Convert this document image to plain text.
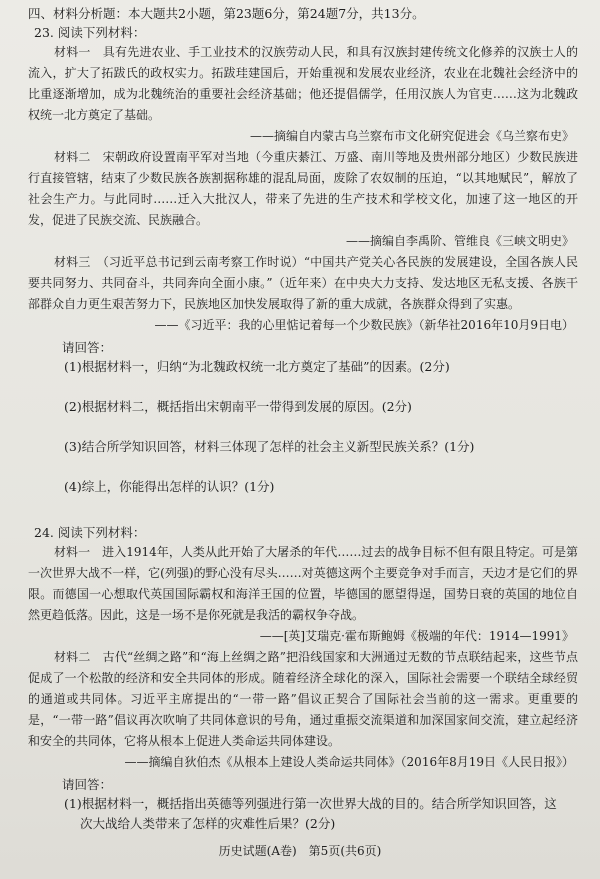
四、材料分析题：本大题共2小题，第23题6分，第24题7分，共13分。

23. 阅读下列材料：

材料一　具有先进农业、手工业技术的汉族劳动人民，和具有汉族封建传统文化修养的汉族士人的流入，扩大了拓跋氏的政权实力。拓跋珪建国后，开始重视和发展农业经济，农业在北魏社会经济中的比重逐渐增加，成为北魏统治的重要社会经济基础；他还提倡儒学，任用汉族人为官吏……这为北魏政权统一北方奠定了基础。

——摘编自内蒙古乌兰察布市文化研究促进会《乌兰察布史》

材料二　宋朝政府设置南平军对当地（今重庆綦江、万盛、南川等地及贵州部分地区）少数民族进行直接管辖，结束了少数民族各族割据称雄的混乱局面，废除了农奴制的压迫，“以其地赋民”，解放了社会生产力。与此同时……迁入大批汉人，带来了先进的生产技术和学校文化，加速了这一地区的开发，促进了民族交流、民族融合。

——摘编自李禹阶、管维良《三峡文明史》

材料三　（习近平总书记到云南考察工作时说）“中国共产党关心各民族的发展建设，全国各族人民要共同努力、共同奋斗，共同奔向全面小康。”（近年来）在中央大力支持、发达地区无私支援、各族干部群众自力更生艰苦努力下，民族地区加快发展取得了新的重大成就，各族群众得到了实惠。

——《习近平：我的心里惦记着每一个少数民族》（新华社2016年10月9日电）

请回答：

(1)根据材料一，归纳“为北魏政权统一北方奠定了基础”的因素。(2分)

(2)根据材料二，概括指出宋朝南平一带得到发展的原因。(2分)

(3)结合所学知识回答，材料三体现了怎样的社会主义新型民族关系？(1分)

(4)综上，你能得出怎样的认识？(1分)

24. 阅读下列材料：

材料一　进入1914年，人类从此开始了大屠杀的年代……过去的战争目标不但有限且特定。可是第一次世界大战不一样，它(列强)的野心没有尽头……对英德这两个主要竞争对手而言，天边才是它们的界限。而德国一心想取代英国国际霸权和海洋王国的位置，毕德国的愿望得逞，国势日衰的英国的地位自然更趋低落。因此，这是一场不是你死就是我活的霸权争夺战。

——[英]艾瑞克·霍布斯鲍姆《极端的年代：1914—1991》

材料二　古代“丝绸之路”和“海上丝绸之路”把沿线国家和大洲通过无数的节点联结起来，这些节点促成了一个松散的经济和安全共同体的形成。随着经济全球化的深入，国际社会需要一个联结全球经贸的通道或共同体。习近平主席提出的“一带一路”倡议正契合了国际社会当前的这一需求。更重要的是，“一带一路”倡议再次吹响了共同体意识的号角，通过重振交流渠道和加深国家间交流，建立起经济和安全的共同体，它将从根本上促进人类命运共同体建设。

——摘编自狄伯杰《从根本上建设人类命运共同体》（2016年8月19日《人民日报》）

请回答：

(1)根据材料一，概括指出英德等列强进行第一次世界大战的目的。结合所学知识回答，这

次大战给人类带来了怎样的灾难性后果？(2分)

历史试题(A卷)　第5页(共6页)
